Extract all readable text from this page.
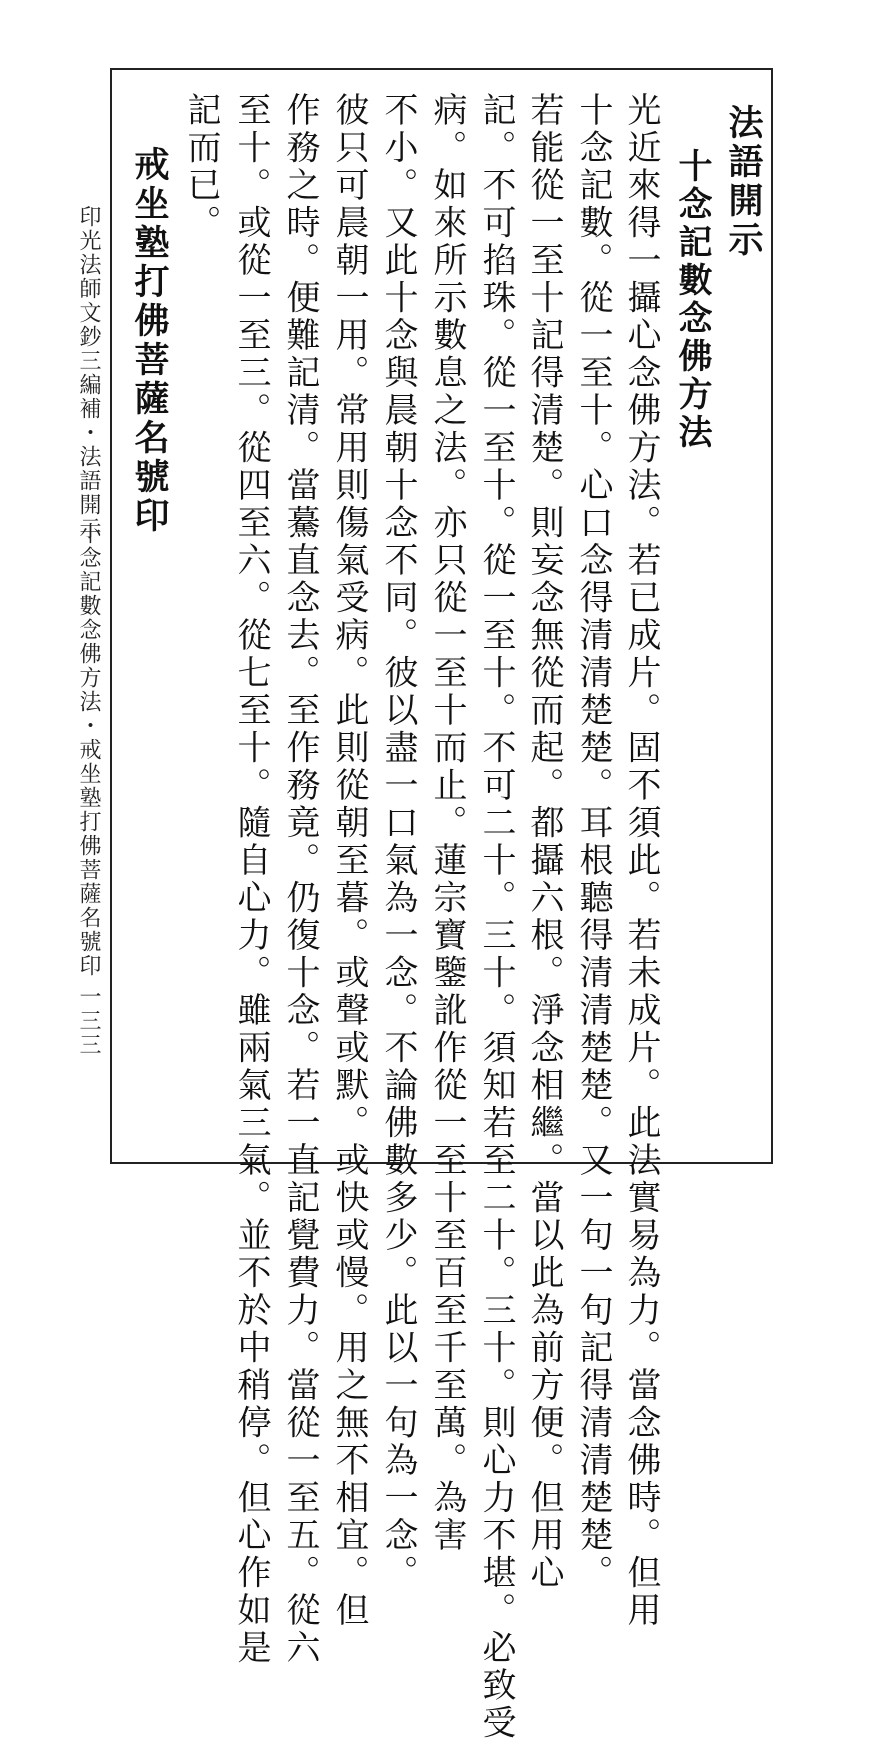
法語開示
十念記數念佛方法

光近來得一攝心念佛方法。若已成片。固不須此。若未成片。此法實易為力。當念佛時。但用

十念記數。從一至十。心口念得清清楚楚。耳根聽得清清楚楚。又一句一句記得清清楚楚。

若能從一至十記得清楚。則妄念無從而起。都攝六根。淨念相繼。當以此為前方便。但用心

記。不可掐珠。從一至十。從一至十。不可二十。三十。須知若至二十。三十。則心力不堪。必致受

病。如來所示數息之法。亦只從一至十而止。蓮宗寶鑒訛作從一至十至百至千至萬。為害

不小。又此十念與晨朝十念不同。彼以盡一口氣為一念。不論佛數多少。此以一句為一念。

彼只可晨朝一用。常用則傷氣受病。此則從朝至暮。或聲或默。或快或慢。用之無不相宜。但

作務之時。便難記清。當驀直念去。至作務竟。仍復十念。若一直記覺費力。當從一至五。從六

至十。或從一至三。從四至六。從七至十。隨自心力。雖兩氣三氣。並不於中稍停。但心作如是

記而已。

戒坐塾打佛菩薩名號印
印光法師文鈔三編補・法語開示
十念記數念佛方法・戒坐塾打佛菩薩名號印
一三三
